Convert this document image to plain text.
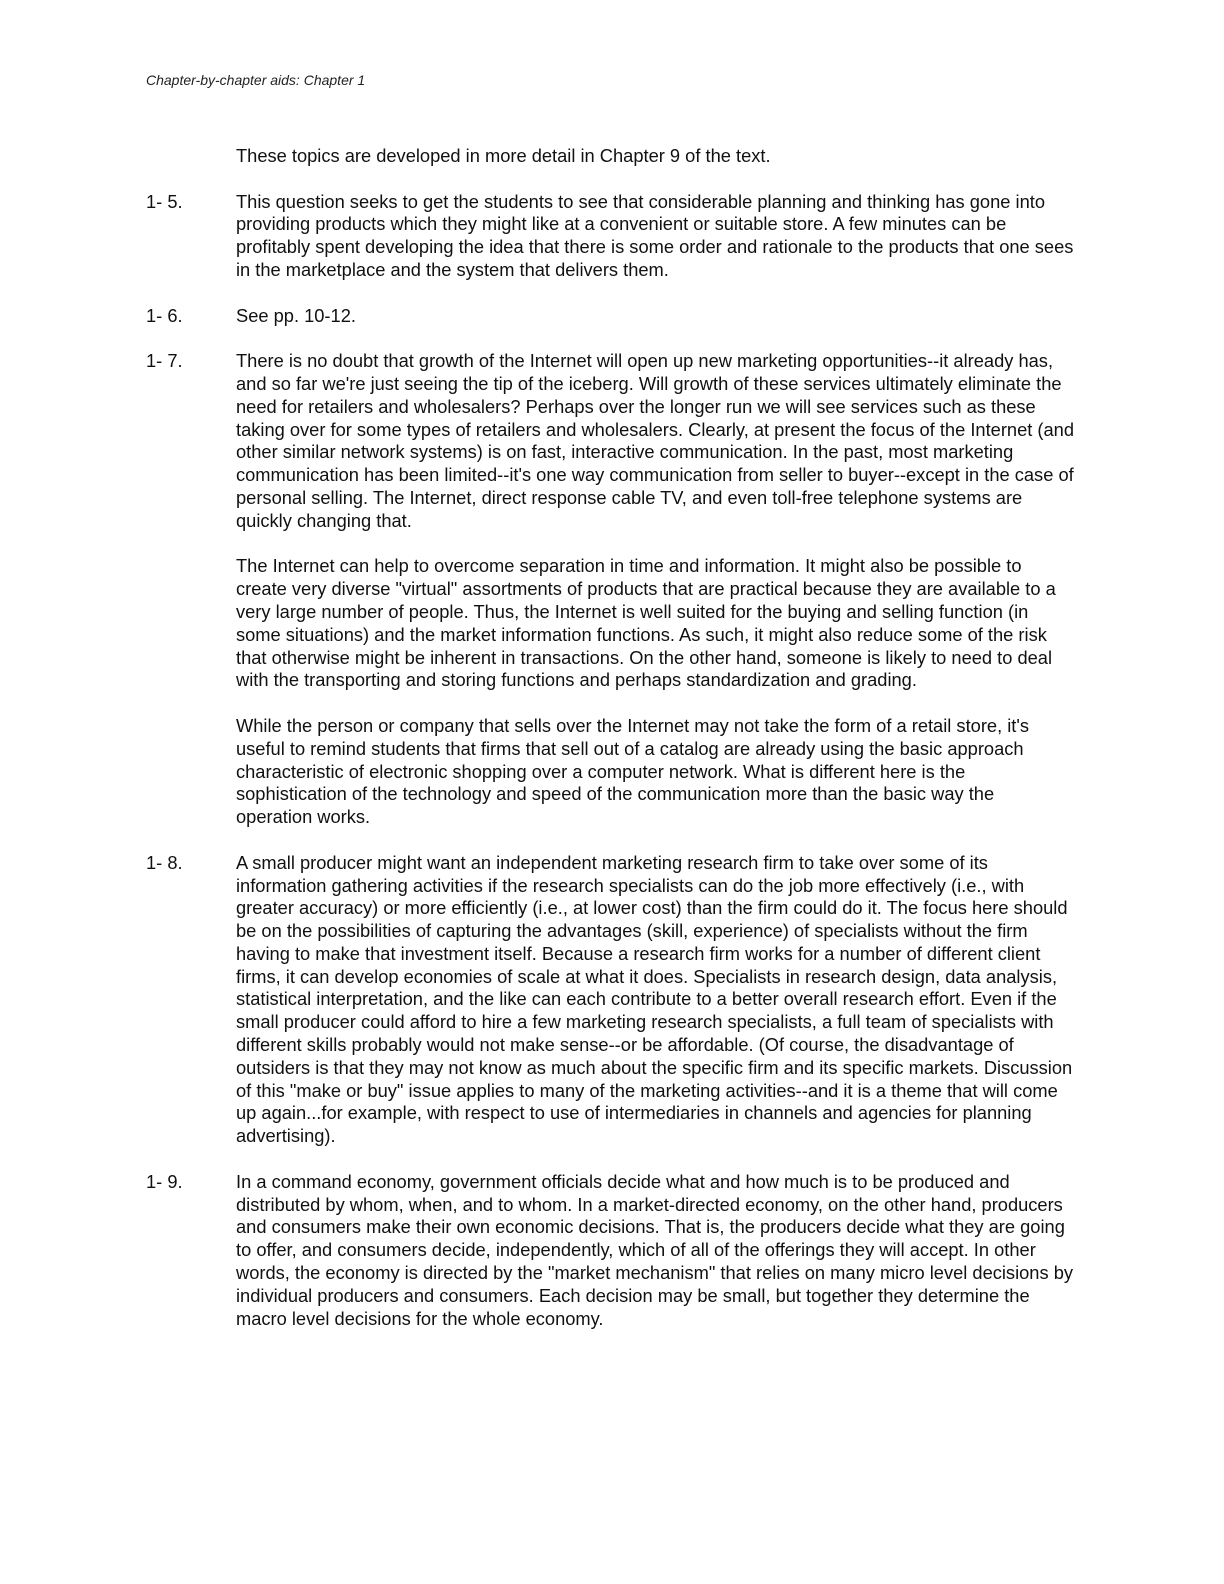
Chapter-by-chapter aids: Chapter 1
These topics are developed in more detail in Chapter 9 of the text.
1- 5.	This question seeks to get the students to see that considerable planning and thinking has gone into providing products which they might like at a convenient or suitable store. A few minutes can be profitably spent developing the idea that there is some order and rationale to the products that one sees in the marketplace and the system that delivers them.
1- 6.	See pp. 10-12.
1- 7.	There is no doubt that growth of the Internet will open up new marketing opportunities--it already has, and so far we're just seeing the tip of the iceberg. Will growth of these services ultimately eliminate the need for retailers and wholesalers? Perhaps over the longer run we will see services such as these taking over for some types of retailers and wholesalers. Clearly, at present the focus of the Internet (and other similar network systems) is on fast, interactive communication. In the past, most marketing communication has been limited--it's one way communication from seller to buyer--except in the case of personal selling. The Internet, direct response cable TV, and even toll-free telephone systems are quickly changing that.
The Internet can help to overcome separation in time and information. It might also be possible to create very diverse "virtual" assortments of products that are practical because they are available to a very large number of people. Thus, the Internet is well suited for the buying and selling function (in some situations) and the market information functions. As such, it might also reduce some of the risk that otherwise might be inherent in transactions. On the other hand, someone is likely to need to deal with the transporting and storing functions and perhaps standardization and grading.
While the person or company that sells over the Internet may not take the form of a retail store, it's useful to remind students that firms that sell out of a catalog are already using the basic approach characteristic of electronic shopping over a computer network. What is different here is the sophistication of the technology and speed of the communication more than the basic way the operation works.
1- 8.	A small producer might want an independent marketing research firm to take over some of its information gathering activities if the research specialists can do the job more effectively (i.e., with greater accuracy) or more efficiently (i.e., at lower cost) than the firm could do it. The focus here should be on the possibilities of capturing the advantages (skill, experience) of specialists without the firm having to make that investment itself. Because a research firm works for a number of different client firms, it can develop economies of scale at what it does. Specialists in research design, data analysis, statistical interpretation, and the like can each contribute to a better overall research effort. Even if the small producer could afford to hire a few marketing research specialists, a full team of specialists with different skills probably would not make sense--or be affordable. (Of course, the disadvantage of outsiders is that they may not know as much about the specific firm and its specific markets. Discussion of this "make or buy" issue applies to many of the marketing activities--and it is a theme that will come up again...for example, with respect to use of intermediaries in channels and agencies for planning advertising).
1- 9.	In a command economy, government officials decide what and how much is to be produced and distributed by whom, when, and to whom. In a market-directed economy, on the other hand, producers and consumers make their own economic decisions. That is, the producers decide what they are going to offer, and consumers decide, independently, which of all of the offerings they will accept. In other words, the economy is directed by the "market mechanism" that relies on many micro level decisions by individual producers and consumers. Each decision may be small, but together they determine the macro level decisions for the whole economy.
